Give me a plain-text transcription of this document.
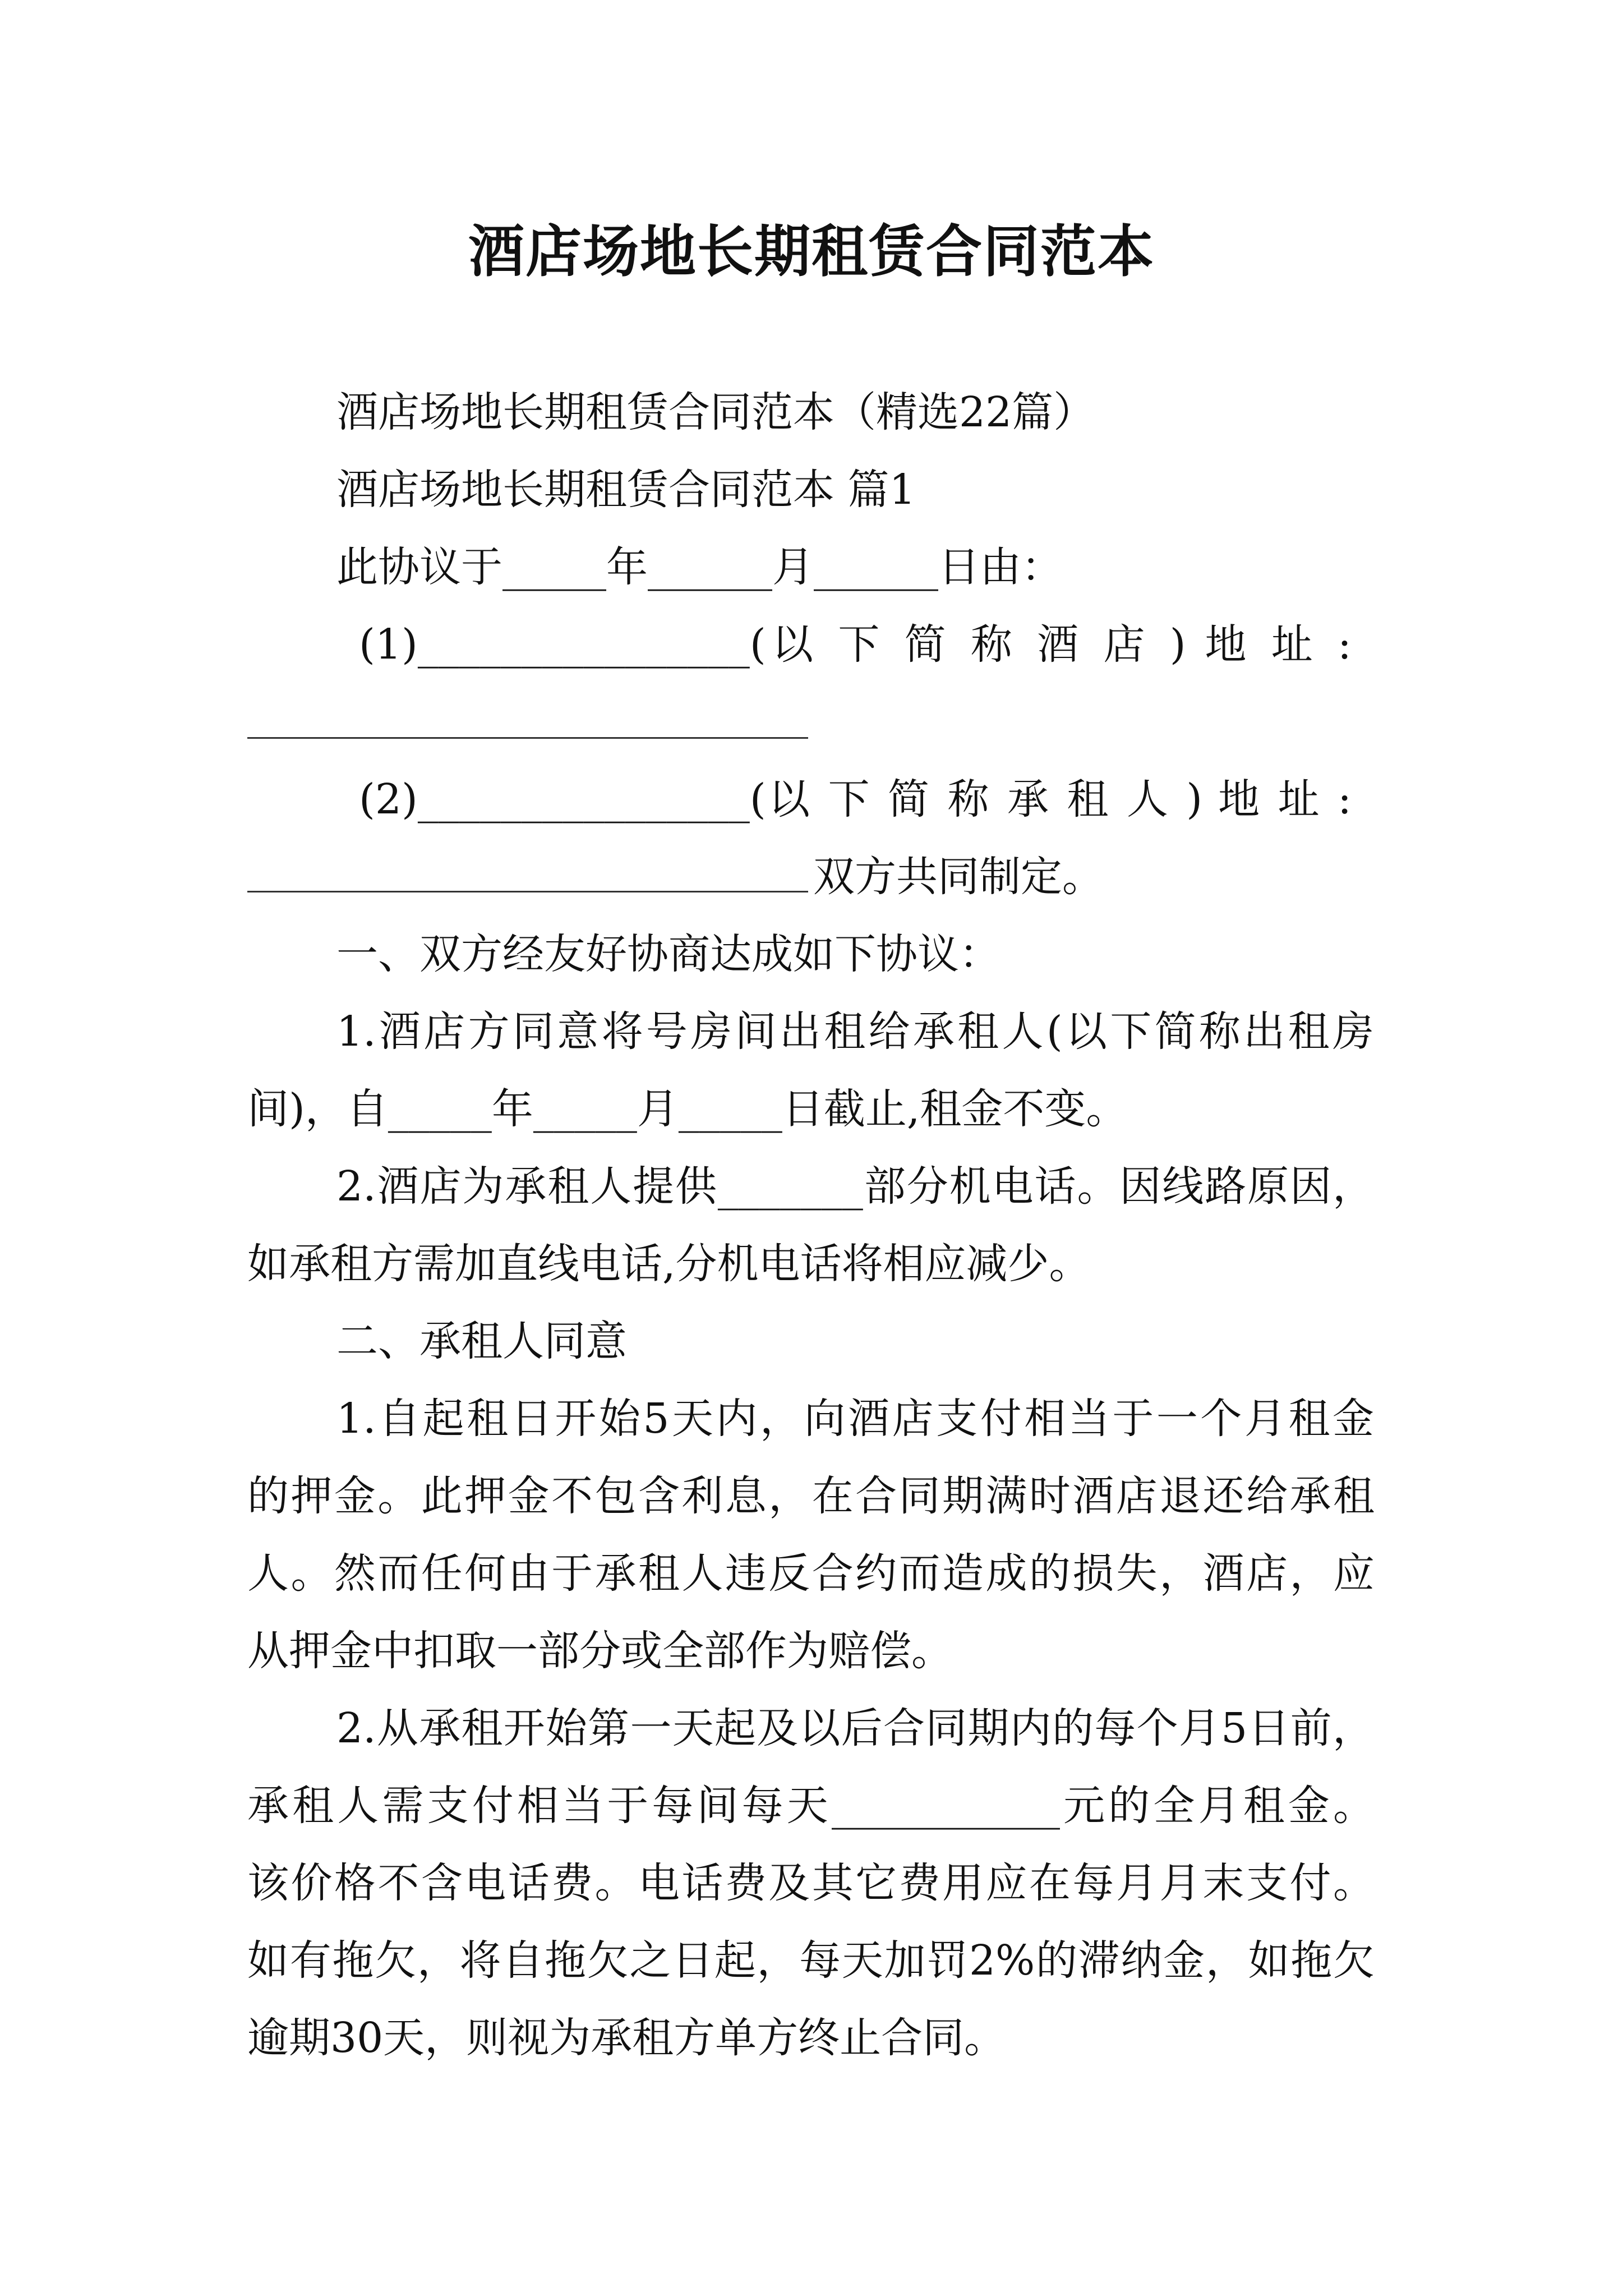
酒店场地长期租赁合同范本
酒店场地长期租赁合同范本（精选22篇）
酒店场地长期租赁合同范本 篇1
此协议于_____年______月______日由：
(1)________________(以 下 简 称 酒 店 ) 地 址 :
(2)________________(以 下 简 称 承 租 人 ) 地 址 :
双方共同制定。
一、双方经友好协商达成如下协议：
1.酒店方同意将号房间出租给承租人(以下简称出租房
间)，自_____年_____月_____日截止,租金不变。
2.酒店为承租人提供_______部分机电话。因线路原因，
如承租方需加直线电话,分机电话将相应减少。
二、承租人同意
1.自起租日开始5天内，向酒店支付相当于一个月租金
的押金。此押金不包含利息，在合同期满时酒店退还给承租
人。然而任何由于承租人违反合约而造成的损失，酒店，应
从押金中扣取一部分或全部作为赔偿。
2.从承租开始第一天起及以后合同期内的每个月5日前，
承租人需支付相当于每间每天___________元的全月租金。
该价格不含电话费。电话费及其它费用应在每月月末支付。
如有拖欠，将自拖欠之日起，每天加罚2%的滞纳金，如拖欠
逾期30天，则视为承租方单方终止合同。
